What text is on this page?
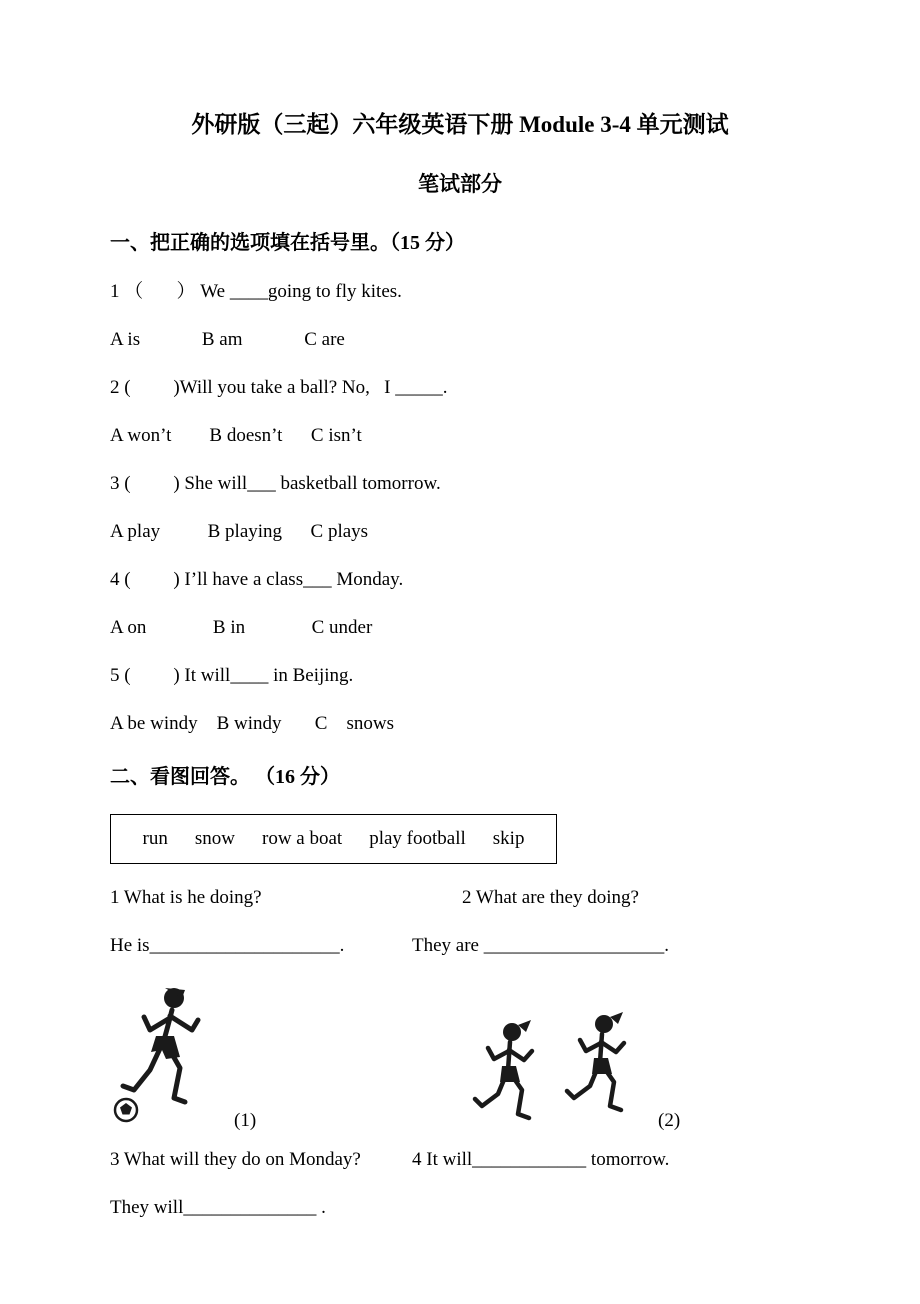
外研版（三起）六年级英语下册 Module 3-4 单元测试
笔试部分
一、把正确的选项填在括号里。（15 分）

1 （       ） We ____going to fly kites.

A is             B am             C are

2 (         )Will you take a ball? No,   I _____.

A won’t        B doesn’t      C isn’t

3 (         ) She will___ basketball tomorrow.

A play          B playing      C plays

4 (         ) I’ll have a class___ Monday.

A on              B in              C under

5 (         ) It will____ in Beijing.

A be windy    B windy       C    snows

二、看图回答。 （16 分）
run snow row a boat play football skip
1 What is he doing?	2 What are they doing?
He is____________________.	They are ___________________.
(1)	(2)
3 What will they do on Monday?	4 It will____________ tomorrow.

They will______________ .
